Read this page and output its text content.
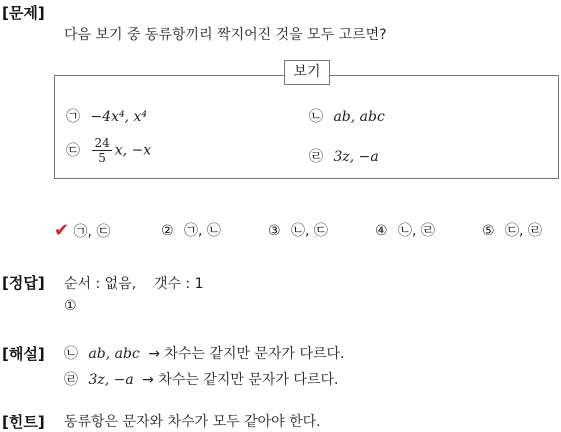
[문제]
다음 보기 중 동류항끼리 짝지어진 것을 모두 고르면?
보기
㉠ −4x⁴, x⁴	㉡ ab, abc
㉢ $\frac{24}{5} x$, −x	㉣ 3z, −a
✔ ㉠, ㉢	② ㉠, ㉡	③ ㉡, ㉢	④ ㉡, ㉣	⑤ ㉢, ㉣
[정답] 순서 : 없음,    갯수 : 1
①
[해설] ㉡ ab, abc → 차수는 같지만 문자가 다르다.
㉣ 3z, −a → 차수는 같지만 문자가 다르다.
[힌트] 동류항은 문자와 차수가 모두 같아야 한다.
